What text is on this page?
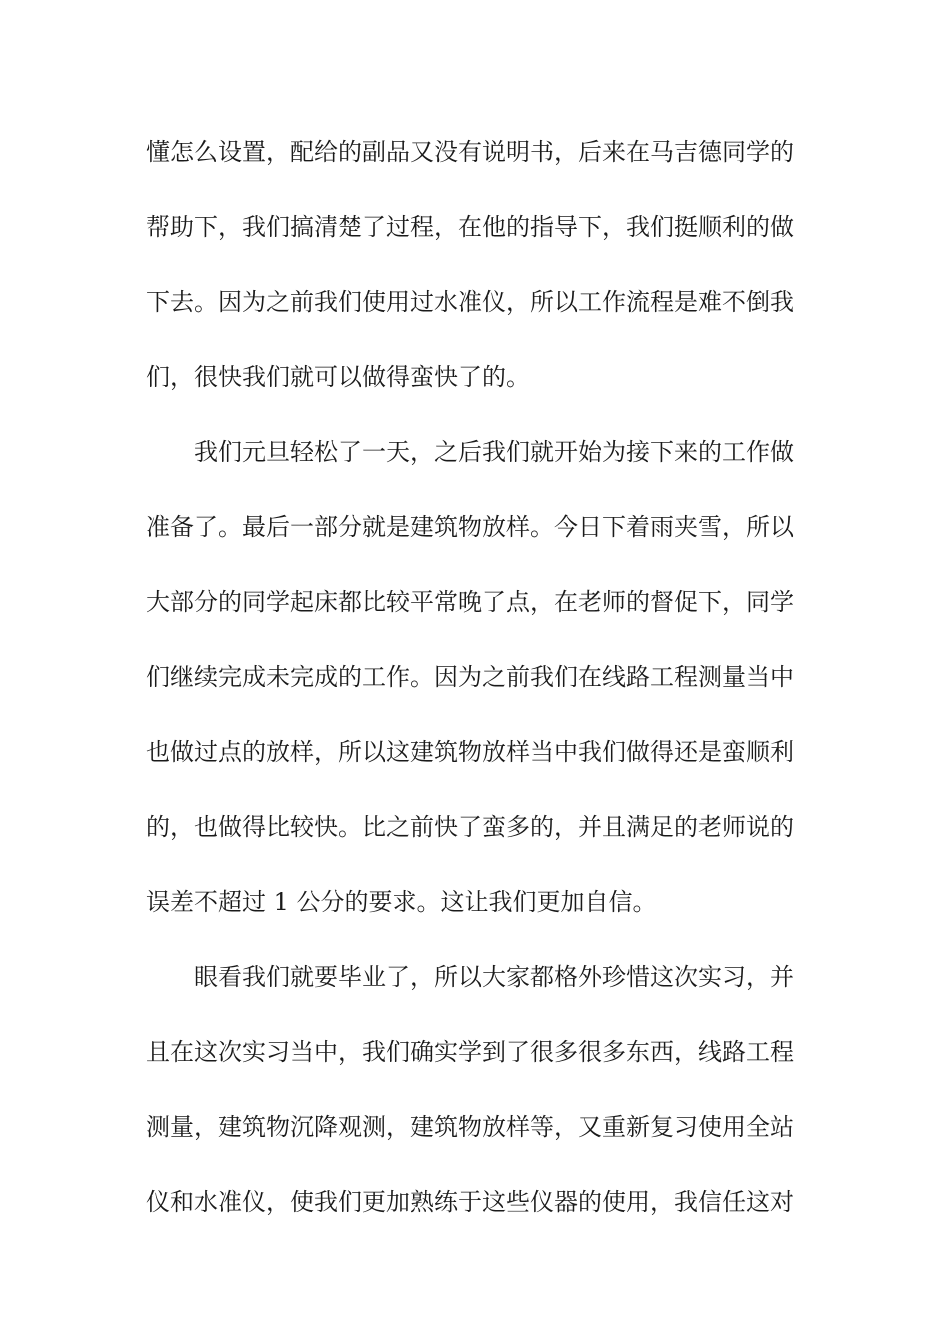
懂怎么设置，配给的副品又没有说明书，后来在马吉德同学的
帮助下，我们搞清楚了过程，在他的指导下，我们挺顺利的做
下去。因为之前我们使用过水准仪，所以工作流程是难不倒我
们，很快我们就可以做得蛮快了的。
我们元旦轻松了一天，之后我们就开始为接下来的工作做
准备了。最后一部分就是建筑物放样。今日下着雨夹雪，所以
大部分的同学起床都比较平常晚了点，在老师的督促下，同学
们继续完成未完成的工作。因为之前我们在线路工程测量当中
也做过点的放样，所以这建筑物放样当中我们做得还是蛮顺利
的，也做得比较快。比之前快了蛮多的，并且满足的老师说的
误差不超过 1 公分的要求。这让我们更加自信。
眼看我们就要毕业了，所以大家都格外珍惜这次实习，并
且在这次实习当中，我们确实学到了很多很多东西，线路工程
测量，建筑物沉降观测，建筑物放样等，又重新复习使用全站
仪和水准仪，使我们更加熟练于这些仪器的使用，我信任这对
